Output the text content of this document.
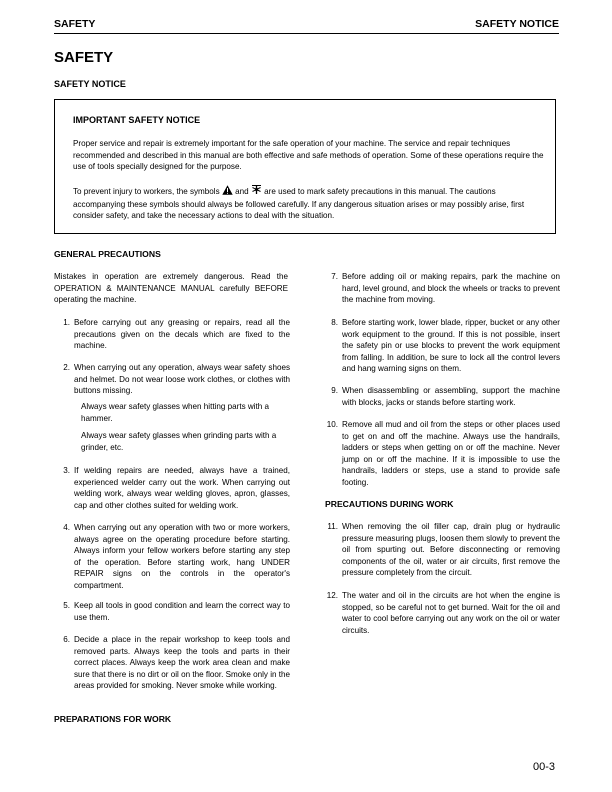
SAFETY	SAFETY NOTICE
SAFETY
SAFETY NOTICE
IMPORTANT SAFETY NOTICE
Proper service and repair is extremely important for the safe operation of your machine. The service and repair techniques recommended and described in this manual are both effective and safe methods of operation. Some of these operations require the use of tools specially designed for the purpose.
To prevent injury to workers, the symbols and are used to mark safety precautions in this manual. The cautions accompanying these symbols should always be followed carefully. If any dangerous situation arises or may possibly arise, first consider safety, and take the necessary actions to deal with the situation.
GENERAL PRECAUTIONS
Mistakes in operation are extremely dangerous. Read the OPERATION & MAINTENANCE MANUAL carefully BEFORE operating the machine.
1. Before carrying out any greasing or repairs, read all the precautions given on the decals which are fixed to the machine.
2. When carrying out any operation, always wear safety shoes and helmet. Do not wear loose work clothes, or clothes with buttons missing.
Always wear safety glasses when hitting parts with a hammer.
Always wear safety glasses when grinding parts with a grinder, etc.
3. If welding repairs are needed, always have a trained, experienced welder carry out the work. When carrying out welding work, always wear welding gloves, apron, glasses, cap and other clothes suited for welding work.
4. When carrying out any operation with two or more workers, always agree on the operating procedure before starting. Always inform your fellow workers before starting any step of the operation. Before starting work, hang UNDER REPAIR signs on the controls in the operator's compartment.
5. Keep all tools in good condition and learn the correct way to use them.
6. Decide a place in the repair workshop to keep tools and removed parts. Always keep the tools and parts in their correct places. Always keep the work area clean and make sure that there is no dirt or oil on the floor. Smoke only in the areas provided for smoking. Never smoke while working.
PREPARATIONS FOR WORK
7. Before adding oil or making repairs, park the machine on hard, level ground, and block the wheels or tracks to prevent the machine from moving.
8. Before starting work, lower blade, ripper, bucket or any other work equipment to the ground. If this is not possible, insert the safety pin or use blocks to prevent the work equipment from falling. In addition, be sure to lock all the control levers and hang warning signs on them.
9. When disassembling or assembling, support the machine with blocks, jacks or stands before starting work.
10. Remove all mud and oil from the steps or other places used to get on and off the machine. Always use the handrails, ladders or steps when getting on or off the machine. Never jump on or off the machine. If it is impossible to use the handrails, ladders or steps, use a stand to provide safe footing.
PRECAUTIONS DURING WORK
11. When removing the oil filler cap, drain plug or hydraulic pressure measuring plugs, loosen them slowly to prevent the oil from spurting out. Before disconnecting or removing components of the oil, water or air circuits, first remove the pressure completely from the circuit.
12. The water and oil in the circuits are hot when the engine is stopped, so be careful not to get burned. Wait for the oil and water to cool before carrying out any work on the oil or water circuits.
00-3
